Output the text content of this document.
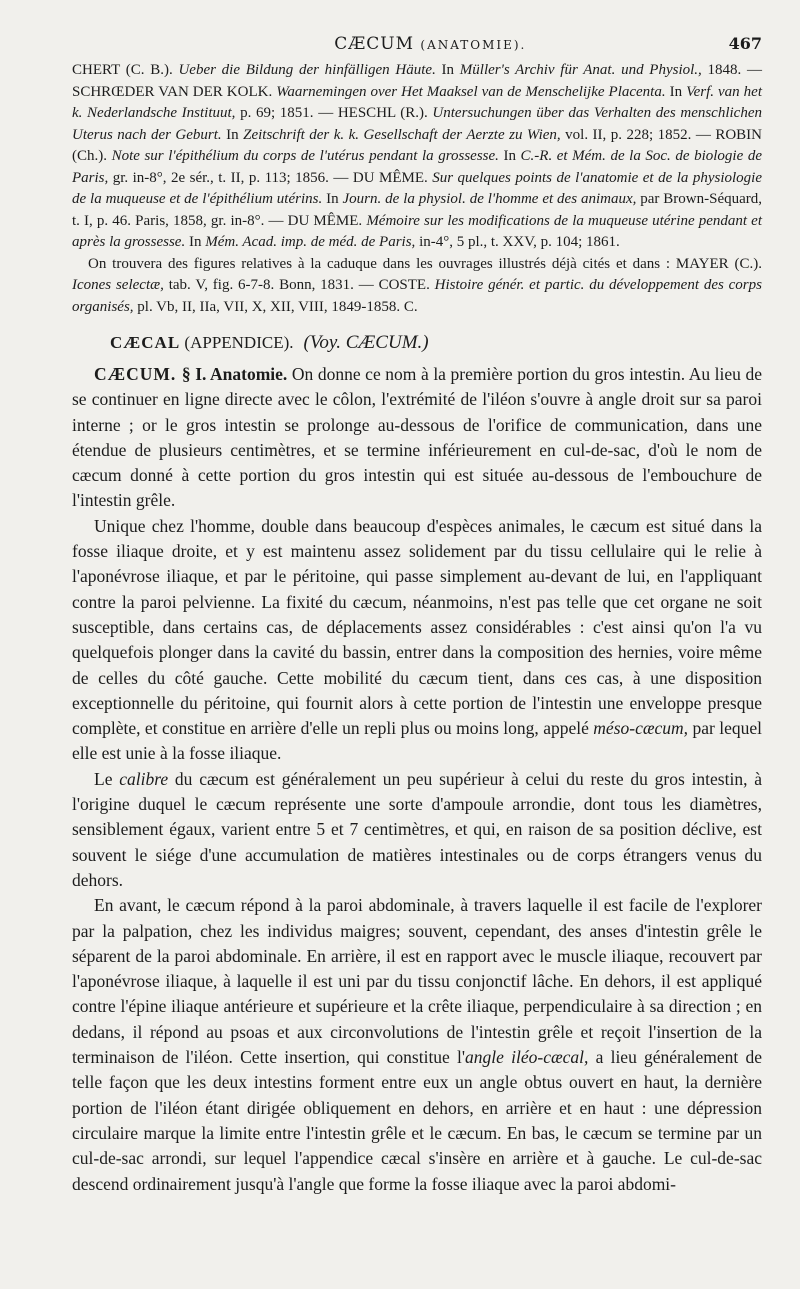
CÆCUM (ANATOMIE).	467

CHERT (C. B.). Ueber die Bildung der hinfälligen Häute. In Müller's Archiv für Anat. und Physiol., 1848. — SCHRŒDER VAN DER KOLK. Waarnemingen over Het Maaksel van de Menschelijke Placenta. In Verf. van het k. Nederlandsche Instituut, p. 69; 1851. — HESCHL (R.). Untersuchungen über das Verhalten des menschlichen Uterus nach der Geburt. In Zeitschrift der k. k. Gesellschaft der Aerzte zu Wien, vol. II, p. 228; 1852. — ROBIN (Ch.). Note sur l'épithélium du corps de l'utérus pendant la grossesse. In C.-R. et Mém. de la Soc. de biologie de Paris, gr. in-8°, 2e sér., t. II, p. 113; 1856. — DU MÊME. Sur quelques points de l'anatomie et de la physiologie de la muqueuse et de l'épithélium utérins. In Journ. de la physiol. de l'homme et des animaux, par Brown-Séquard, t. I, p. 46. Paris, 1858, gr. in-8°. — DU MÊME. Mémoire sur les modifications de la muqueuse utérine pendant et après la grossesse. In Mém. Acad. imp. de méd. de Paris, in-4°, 5 pl., t. XXV, p. 104; 1861.

On trouvera des figures relatives à la caduque dans les ouvrages illustrés déjà cités et dans : MAYER (C.). Icones selectæ, tab. V, fig. 6-7-8. Bonn, 1831. — COSTE. Histoire génér. et partic. du développement des corps organisés, pl. Vb, II, IIa, VII, X, XII, VIII, 1849-1858. C.

CÆCAL (APPENDICE). (Voy. CÆCUM.)

CÆCUM. § I. Anatomie. On donne ce nom à la première portion du gros intestin. Au lieu de se continuer en ligne directe avec le côlon, l'extrémité de l'iléon s'ouvre à angle droit sur sa paroi interne ; or le gros intestin se prolonge au-dessous de l'orifice de communication, dans une étendue de plusieurs centimètres, et se termine inférieurement en cul-de-sac, d'où le nom de cæcum donné à cette portion du gros intestin qui est située au-dessous de l'embouchure de l'intestin grêle.

Unique chez l'homme, double dans beaucoup d'espèces animales, le cæcum est situé dans la fosse iliaque droite, et y est maintenu assez solidement par du tissu cellulaire qui le relie à l'aponévrose iliaque, et par le péritoine, qui passe simplement au-devant de lui, en l'appliquant contre la paroi pelvienne. La fixité du cæcum, néanmoins, n'est pas telle que cet organe ne soit susceptible, dans certains cas, de déplacements assez considérables : c'est ainsi qu'on l'a vu quelquefois plonger dans la cavité du bassin, entrer dans la composition des hernies, voire même de celles du côté gauche. Cette mobilité du cæcum tient, dans ces cas, à une disposition exceptionnelle du péritoine, qui fournit alors à cette portion de l'intestin une enveloppe presque complète, et constitue en arrière d'elle un repli plus ou moins long, appelé méso-cæcum, par lequel elle est unie à la fosse iliaque.

Le calibre du cæcum est généralement un peu supérieur à celui du reste du gros intestin, à l'origine duquel le cæcum représente une sorte d'ampoule arrondie, dont tous les diamètres, sensiblement égaux, varient entre 5 et 7 centimètres, et qui, en raison de sa position déclive, est souvent le siége d'une accumulation de matières intestinales ou de corps étrangers venus du dehors.

En avant, le cæcum répond à la paroi abdominale, à travers laquelle il est facile de l'explorer par la palpation, chez les individus maigres; souvent, cependant, des anses d'intestin grêle le séparent de la paroi abdominale. En arrière, il est en rapport avec le muscle iliaque, recouvert par l'aponévrose iliaque, à laquelle il est uni par du tissu conjonctif lâche. En dehors, il est appliqué contre l'épine iliaque antérieure et supérieure et la crête iliaque, perpendiculaire à sa direction ; en dedans, il répond au psoas et aux circonvolutions de l'intestin grêle et reçoit l'insertion de la terminaison de l'iléon. Cette insertion, qui constitue l'angle iléo-cæcal, a lieu généralement de telle façon que les deux intestins forment entre eux un angle obtus ouvert en haut, la dernière portion de l'iléon étant dirigée obliquement en dehors, en arrière et en haut : une dépression circulaire marque la limite entre l'intestin grêle et le cæcum. En bas, le cæcum se termine par un cul-de-sac arrondi, sur lequel l'appendice cæcal s'insère en arrière et à gauche. Le cul-de-sac descend ordinairement jusqu'à l'angle que forme la fosse iliaque avec la paroi abdomi-
